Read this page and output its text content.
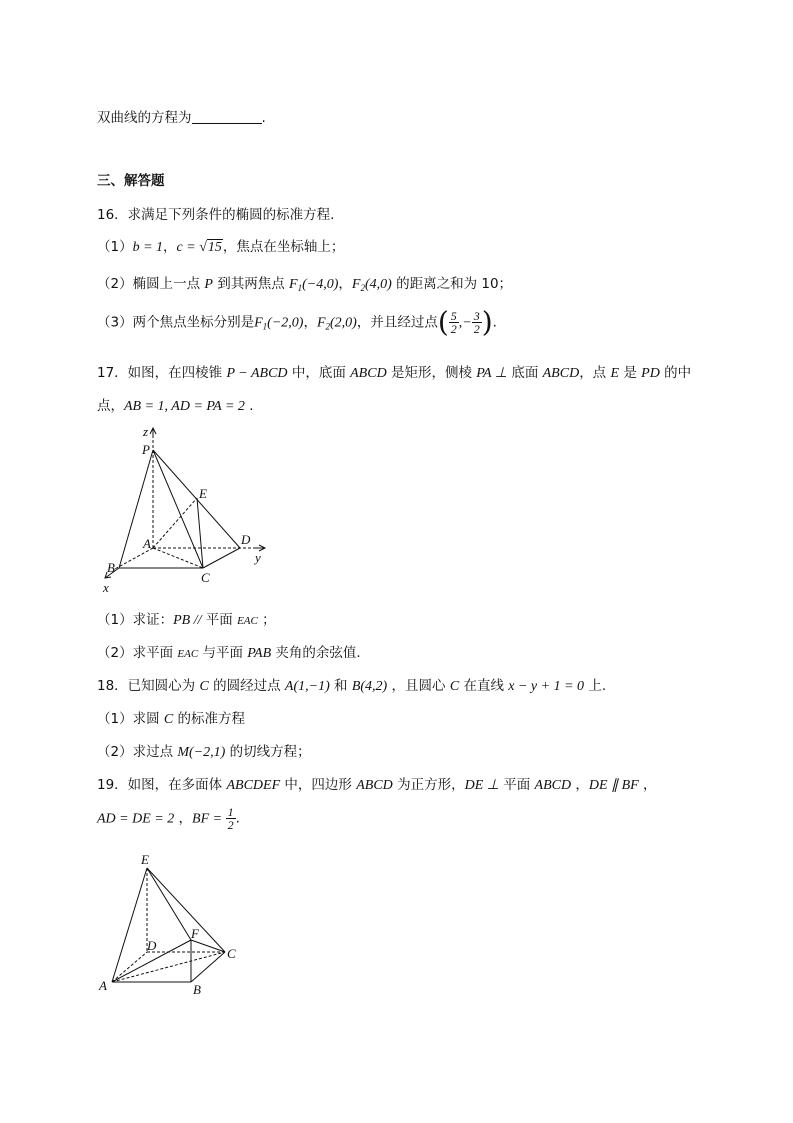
双曲线的方程为	.
三、解答题
16．求满足下列条件的椭圆的标准方程.
（1）b = 1，c = √15，焦点在坐标轴上；
（2）椭圆上一点 P 到其两焦点 $F_1(-4,0)$，$F_2(4,0)$ 的距离之和为 10；
（3）两个焦点坐标分别是$F_1(-2,0)$，$F_2(2,0)$，并且经过点( $\frac{5}{2}$ ,− $\frac{3}{2}$ ).
17．如图，在四棱锥 P − ABCD 中，底面 ABCD 是矩形，侧棱 PA ⊥ 底面 ABCD，点 E 是 PD 的中
点，AB = 1, AD = PA = 2 .
z
P
E
A	D
y
B
C
x
（1）求证：PB // 平面 EAC ；
（2）求平面 EAC 与平面 PAB 夹角的余弦值.
18．已知圆心为 C 的圆经过点 A(1,−1) 和 B(4,2) ，且圆心 C 在直线 x − y + 1 = 0 上.
（1）求圆 C 的标准方程
（2）求过点 M(−2,1) 的切线方程；
19．如图，在多面体 ABCDEF 中，四边形 ABCD 为正方形，DE ⊥ 平面 ABCD ，DE ∥ BF ，
AD = DE = 2 ，BF = $\frac{1}{2}$ .
E
D
F
C
A	B
